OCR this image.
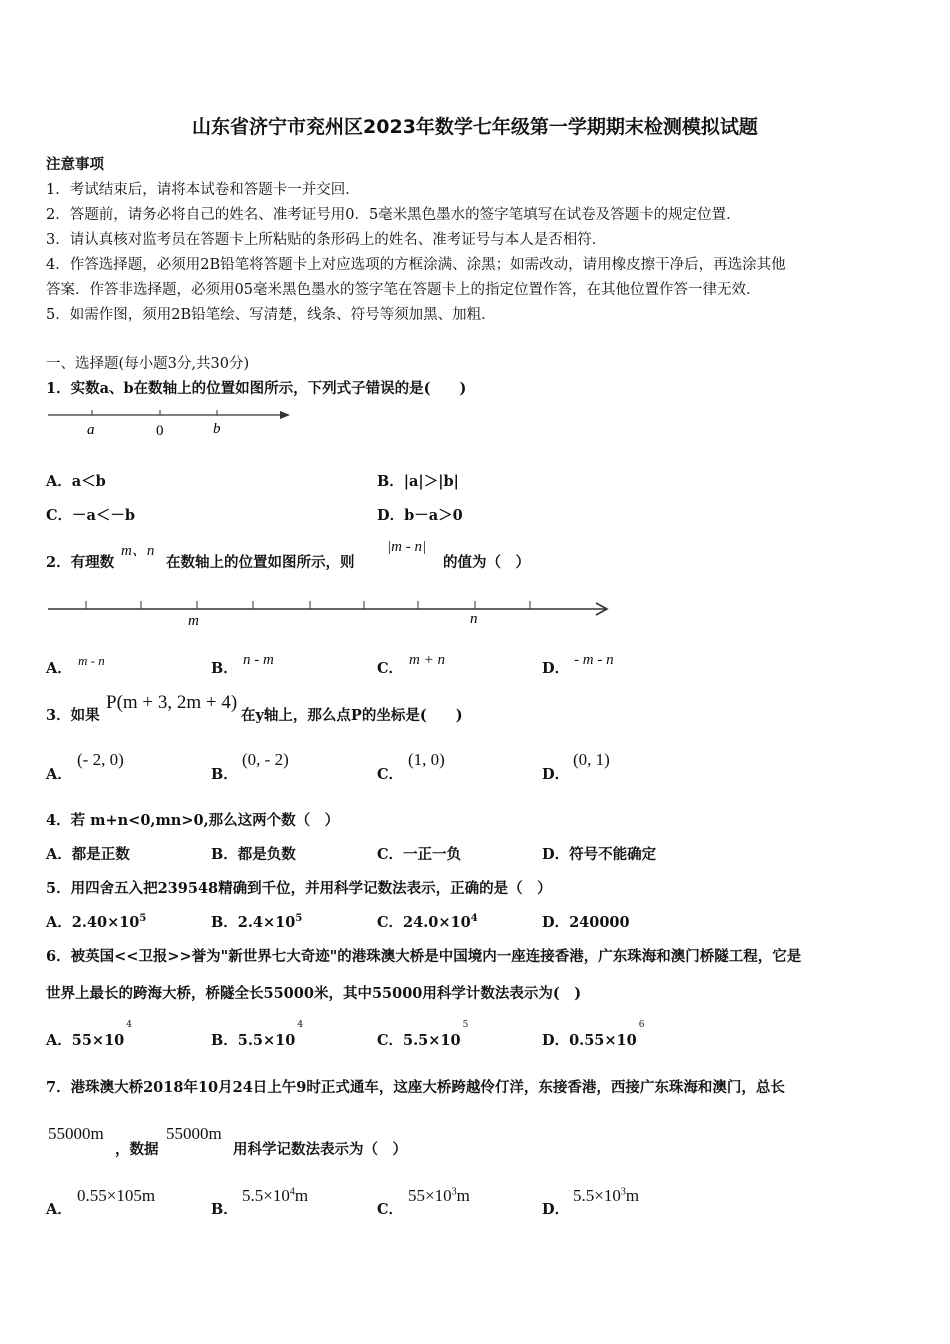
山东省济宁市兖州区2023年数学七年级第一学期期末检测模拟试题
注意事项
1．考试结束后，请将本试卷和答题卡一并交回．
2．答题前，请务必将自己的姓名、准考证号用0．5毫米黑色墨水的签字笔填写在试卷及答题卡的规定位置．
3．请认真核对监考员在答题卡上所粘贴的条形码上的姓名、准考证号与本人是否相符．
4．作答选择题，必须用2B铅笔将答题卡上对应选项的方框涂满、涂黑；如需改动，请用橡皮擦干净后，再选涂其他
答案．作答非选择题，必须用05毫米黑色墨水的签字笔在答题卡上的指定位置作答，在其他位置作答一律无效．
5．如需作图，须用2B铅笔绘、写清楚，线条、符号等须加黑、加粗．
一、选择题(每小题3分,共30分)
1．实数a、b在数轴上的位置如图所示，下列式子错误的是(　　)
a	0	b
A．a＜b	B．|a|＞|b|
C．－a＜－b	D．b－a＞0
2．有理数
m、n
在数轴上的位置如图所示，则
|m - n|
的值为（　）
m	n
A． m - n	B． n - m	C． m + n	D． - m - n
3．如果
P(m + 3, 2m + 4)
在y轴上，那么点P的坐标是(　　)
A．
(- 2, 0)
B．
(0, - 2)
C．
(1, 0)
D．
(0, 1)
4．若 m+n<0,mn>0,那么这两个数（　）
A．都是正数	B．都是负数	C．一正一负	D．符号不能确定
5．用四舍五入把239548精确到千位，并用科学记数法表示，正确的是（　）
A．$2.40\times 10^5$	B．$2.4\times 10^5$	C．$24.0\times 10^4$	D．240000
6．被英国<<卫报>>誉为"新世界七大奇迹"的港珠澳大桥是中国境内一座连接香港，广东珠海和澳门桥隧工程，它是
世界上最长的跨海大桥，桥隧全长55000米，其中55000用科学计数法表示为(　)
A．$55\times 10^4$
B．$5.5\times 10^4$
C．$5.5\times 10^5$
D．$0.55\times 10^6$
7．港珠澳大桥2018年10月24日上午9时正式通车，这座大桥跨越伶仃洋，东接香港，西接广东珠海和澳门，总长
55000m
，数据
55000m
用科学记数法表示为（　）
A．
0.55×105m
B．
$5.5\times 10^4m$
C．
$55\times 10^3m$
D．
$5.5\times 10^3m$
